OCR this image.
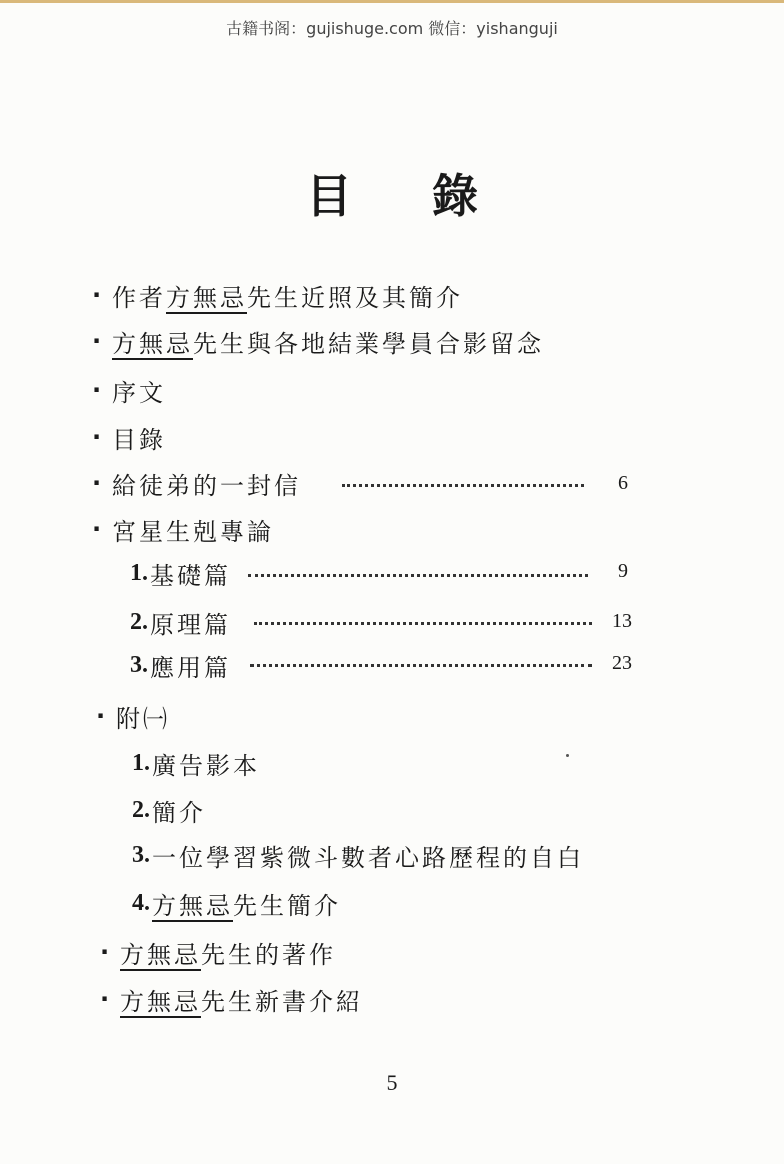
古籍书阁：gujishuge.com 微信：yishanguji
目錄
· 作者 方無忌 先生近照及其簡介
· 方無忌 先生與各地結業學員合影留念
· 序文
· 目錄
· 給徒弟的一封信	6
· 宮星生剋專論
1. 基礎篇	9
2. 原理篇	13
3. 應用篇	23
· 附㈠
1. 廣告影本
2. 簡介
3. 一位學習紫微斗數者心路歷程的自白
4. 方無忌 先生簡介
· 方無忌 先生的著作
· 方無忌 先生新書介紹
5
